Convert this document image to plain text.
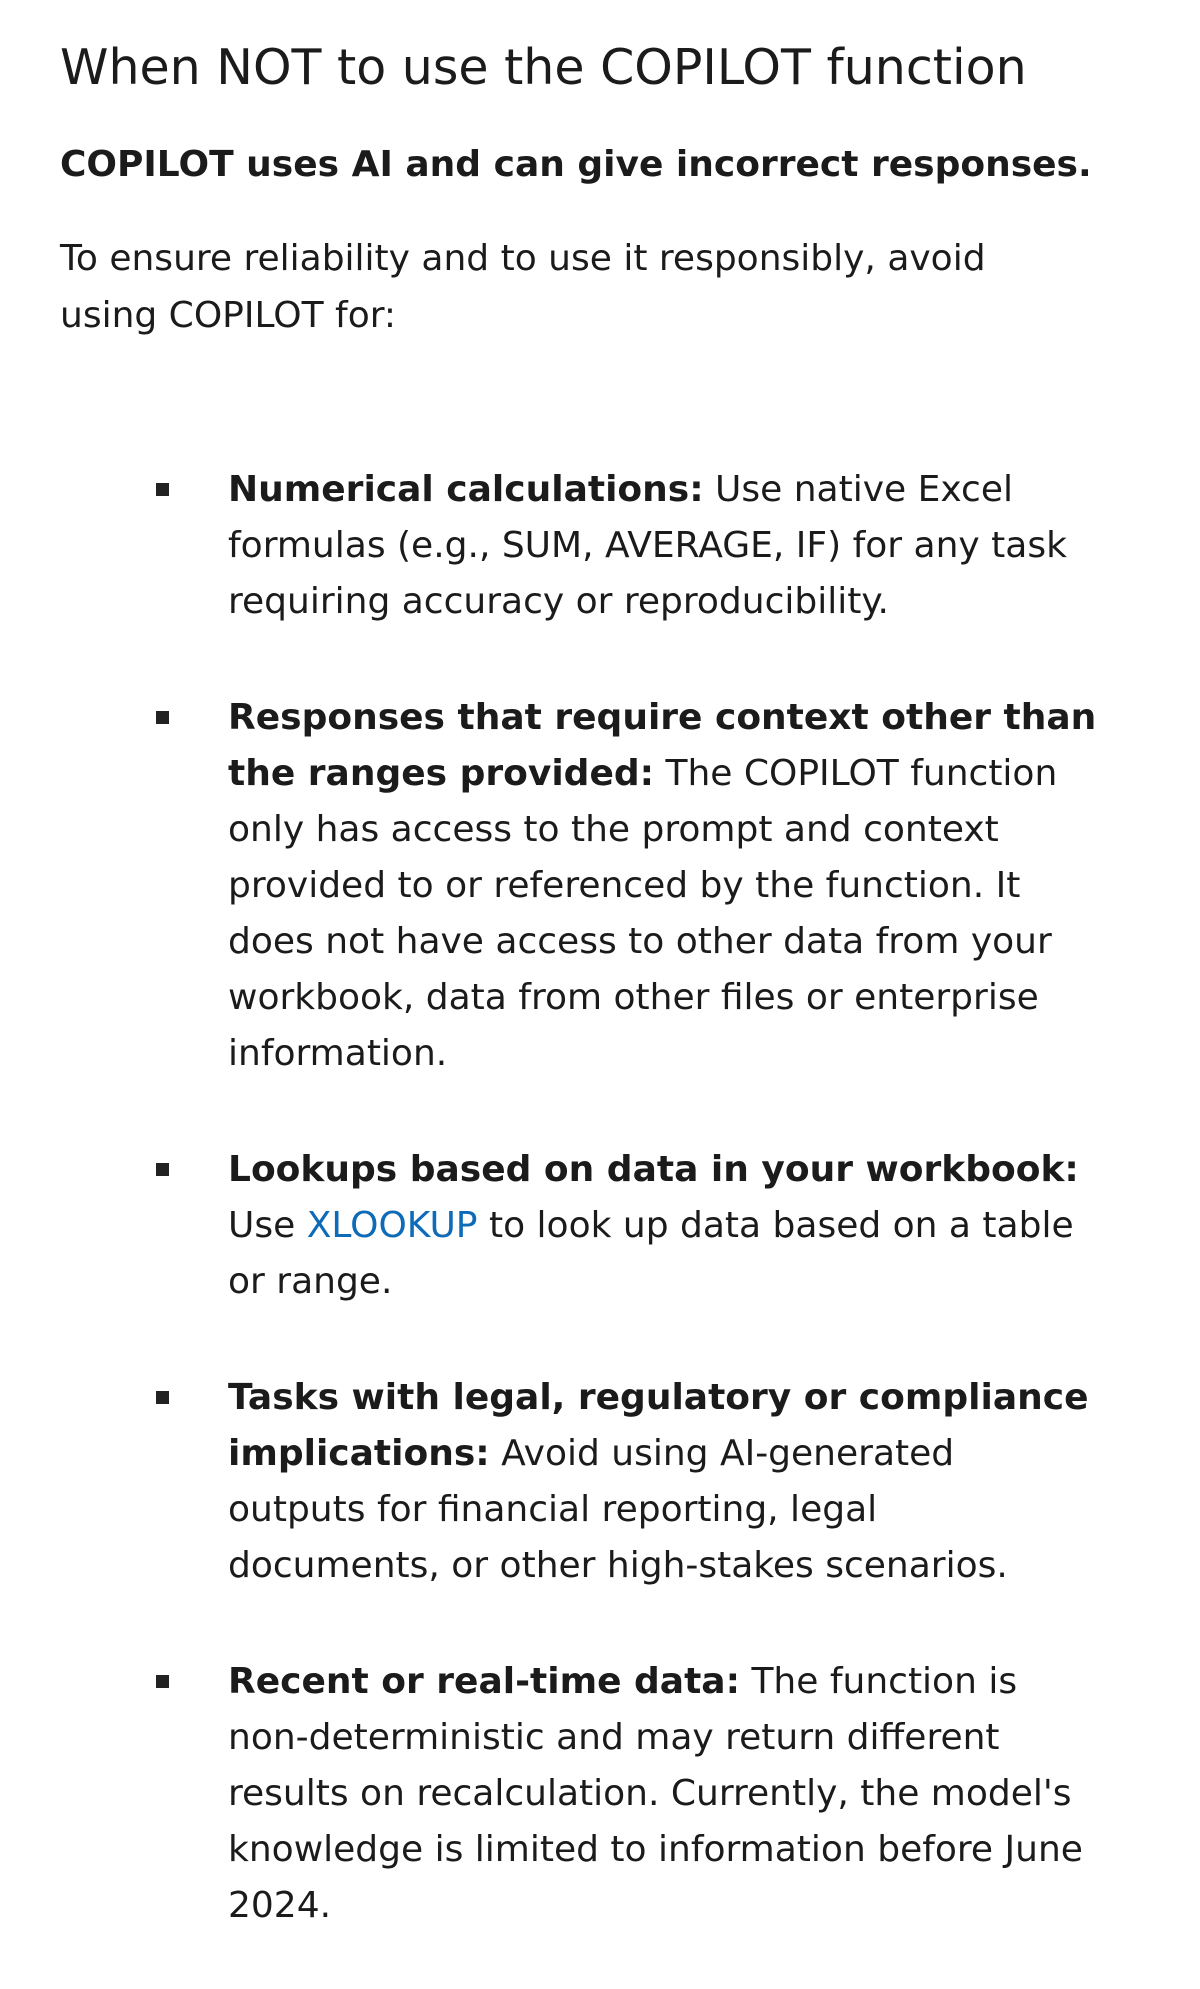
When NOT to use the COPILOT function

COPILOT uses AI and can give incorrect responses.

To ensure reliability and to use it responsibly, avoid using COPILOT for:

Numerical calculations: Use native Excel formulas (e.g., SUM, AVERAGE, IF) for any task requiring accuracy or reproducibility.
Responses that require context other than the ranges provided: The COPILOT function only has access to the prompt and context provided to or referenced by the function. It does not have access to other data from your workbook, data from other files or enterprise information.
Lookups based on data in your workbook: Use XLOOKUP to look up data based on a table or range.
Tasks with legal, regulatory or compliance implications: Avoid using AI-generated outputs for financial reporting, legal documents, or other high-stakes scenarios.
Recent or real-time data: The function is non-deterministic and may return different results on recalculation. Currently, the model's knowledge is limited to information before June 2024.
